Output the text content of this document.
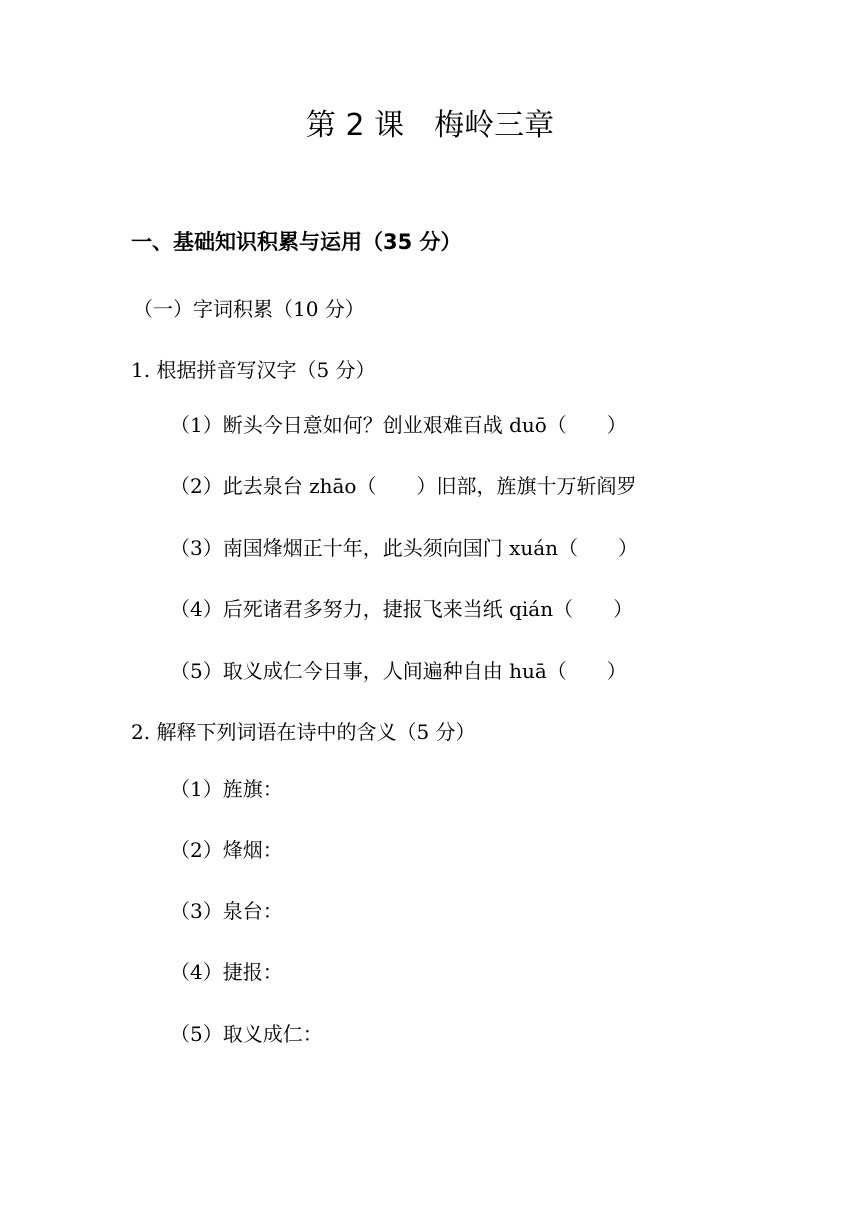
第 2 课　梅岭三章
一、基础知识积累与运用（35 分）
（一）字词积累（10 分）
1. 根据拼音写汉字（5 分）
（1）断头今日意如何？创业艰难百战 duō（　　）
（2）此去泉台 zhāo（　　）旧部，旌旗十万斩阎罗
（3）南国烽烟正十年，此头须向国门 xuán（　　）
（4）后死诸君多努力，捷报飞来当纸 qián（　　）
（5）取义成仁今日事，人间遍种自由 huā（　　）
2. 解释下列词语在诗中的含义（5 分）
（1）旌旗：
（2）烽烟：
（3）泉台：
（4）捷报：
（5）取义成仁：
